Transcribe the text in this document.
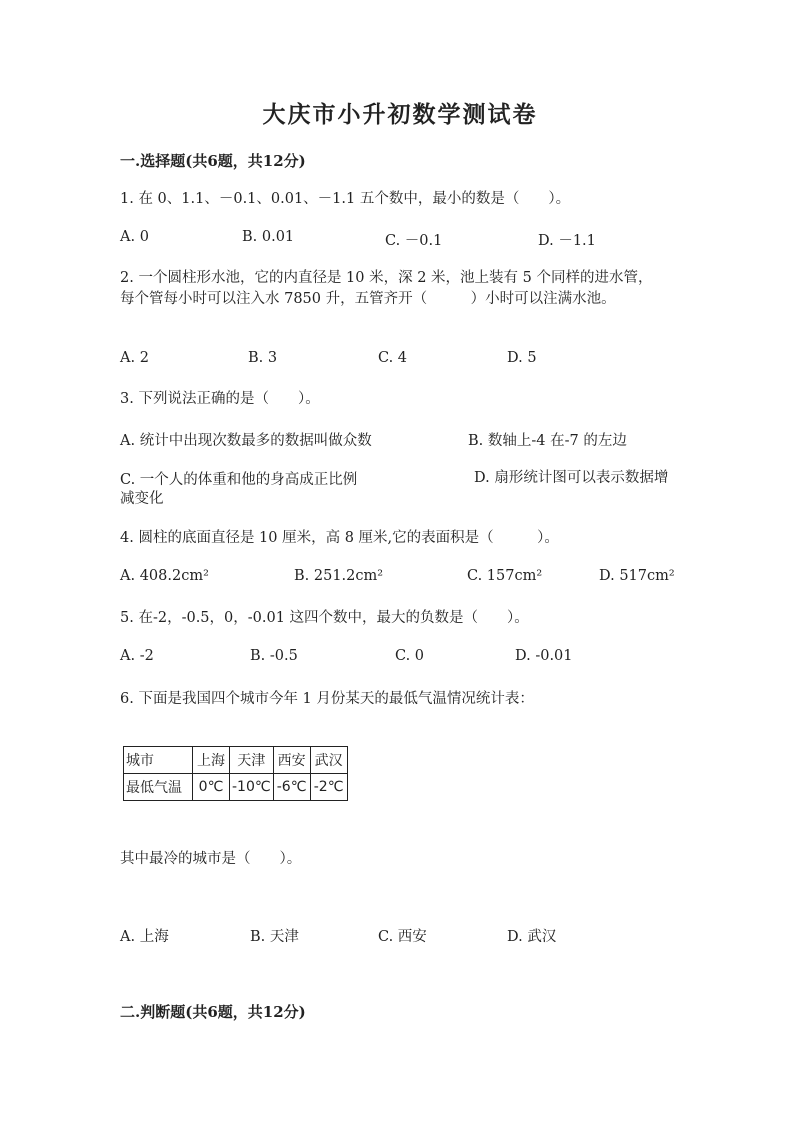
大庆市小升初数学测试卷
一.选择题(共6题，共12分)
1. 在 0、1.1、－0.1、0.01、－1.1 五个数中，最小的数是（　　）。
A. 0	B. 0.01	C. －0.1	D. －1.1
2. 一个圆柱形水池，它的内直径是 10 米，深 2 米，池上装有 5 个同样的进水管，每个管每小时可以注入水 7850 升，五管齐开（　　　）小时可以注满水池。
A. 2	B. 3	C. 4	D. 5
3. 下列说法正确的是（　　）。
A. 统计中出现次数最多的数据叫做众数	B. 数轴上-4 在-7 的左边
C. 一个人的体重和他的身高成正比例	D. 扇形统计图可以表示数据增减变化
4. 圆柱的底面直径是 10 厘米，高 8 厘米,它的表面积是（　　　）。
A. 408.2cm²	B. 251.2cm²	C. 157cm²	D. 517cm²
5. 在-2，-0.5，0，-0.01 这四个数中，最大的负数是（　　）。
A. -2	B. -0.5	C. 0	D. -0.01
6. 下面是我国四个城市今年 1 月份某天的最低气温情况统计表：
城市	上海	天津	西安	武汉
最低气温	0℃	-10℃	-6℃	-2℃
其中最冷的城市是（　　）。
A. 上海	B. 天津	C. 西安	D. 武汉
二.判断题(共6题，共12分)
